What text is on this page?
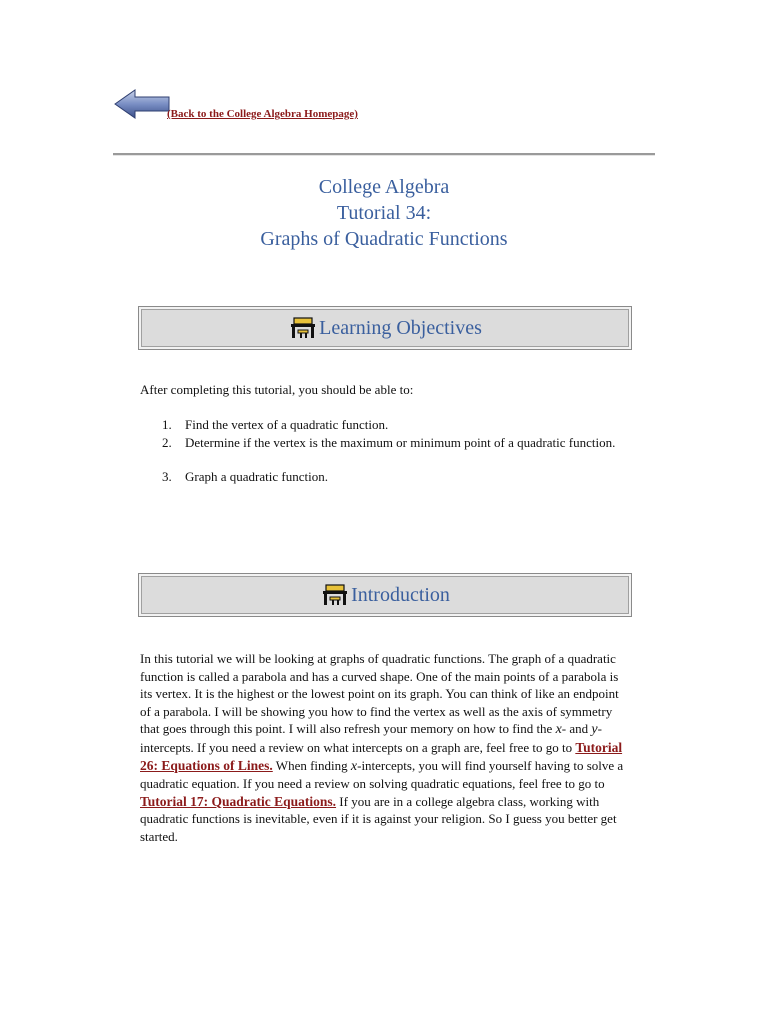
(Back to the College Algebra Homepage)
College Algebra
Tutorial 34:
Graphs of Quadratic Functions
Learning Objectives
After completing this tutorial, you should be able to:
1. Find the vertex of a quadratic function.
2. Determine if the vertex is the maximum or minimum point of a quadratic function.
3. Graph a quadratic function.
Introduction
In this tutorial we will be looking at graphs of quadratic functions. The graph of a quadratic function is called a parabola and has a curved shape. One of the main points of a parabola is its vertex. It is the highest or the lowest point on its graph. You can think of like an endpoint of a parabola. I will be showing you how to find the vertex as well as the axis of symmetry that goes through this point. I will also refresh your memory on how to find the x- and y- intercepts. If you need a review on what intercepts on a graph are, feel free to go to Tutorial 26: Equations of Lines. When finding x-intercepts, you will find yourself having to solve a quadratic equation. If you need a review on solving quadratic equations, feel free to go to Tutorial 17: Quadratic Equations. If you are in a college algebra class, working with quadratic functions is inevitable, even if it is against your religion. So I guess you better get started.
